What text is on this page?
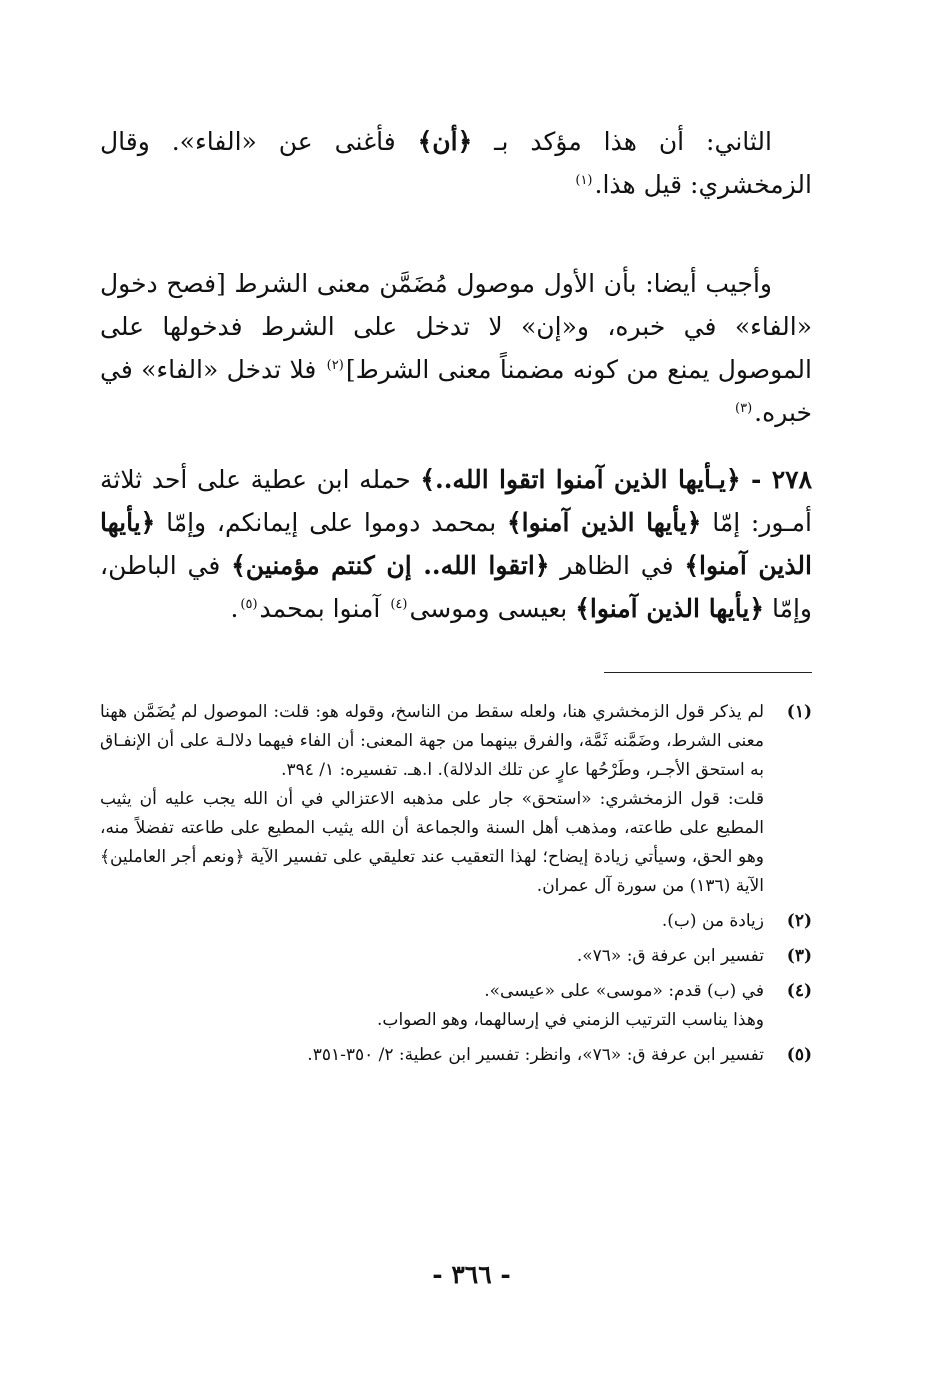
الثاني: أن هذا مؤكد بـ ﴿أن﴾ فأغنى عن «الفاء». وقال الزمخشري: قيل هذا.$^{(١)}$

وأجيب أيضا: بأن الأول موصول مُضَمَّن معنى الشرط [فصح دخول «الفاء» في خبره، و«إن» لا تدخل على الشرط فدخولها على الموصول يمنع من كونه مضمناً معنى الشرط]$^{(٢)}$ فلا تدخل «الفاء» في خبره.$^{(٣)}$

٢٧٨ - ﴿يـأيها الذين آمنوا اتقوا الله..﴾ حمله ابن عطية على أحد ثلاثة أمـور: إمّا ﴿يأيها الذين آمنوا﴾ بمحمد دوموا على إيمانكم، وإمّا ﴿يأيها الذين آمنوا﴾ في الظاهر ﴿اتقوا الله.. إن كنتم مؤمنين﴾ في الباطن، وإمّا ﴿يأيها الذين آمنوا﴾ بعيسى وموسى$^{(٤)}$ آمنوا بمحمد$^{(٥)}$.

(١)

لم يذكر قول الزمخشري هنا، ولعله سقط من الناسخ، وقوله هو: قلت: الموصول لم يُضَمَّن ههنا معنى الشرط، وضَمَّنه ثَمَّة، والفرق بينهما من جهة المعنى: أن الفاء فيهما دلالـة على أن الإنفـاق به استحق الأجـر، وطَرْحُها عارٍ عن تلك الدلالة). ا.هـ. تفسيره: ١/ ٣٩٤.

قلت: قول الزمخشري: «استحق» جار على مذهبه الاعتزالي في أن الله يجب عليه أن يثيب المطيع على طاعته، ومذهب أهل السنة والجماعة أن الله يثيب المطيع على طاعته تفضلاً منه، وهو الحق، وسيأتي زيادة إيضاح؛ لهذا التعقيب عند تعليقي على تفسير الآية ﴿ونعم أجر العاملين﴾ الآية (١٣٦) من سورة آل عمران.

(٢)

زيادة من (ب).

(٣)

تفسير ابن عرفة ق: «٧٦».

(٤)

في (ب) قدم: «موسى» على «عيسى».

وهذا يناسب الترتيب الزمني في إرسالهما، وهو الصواب.

(٥)

تفسير ابن عرفة ق: «٧٦»، وانظر: تفسير ابن عطية: ٢/ ٣٥٠-٣٥١.

- ٣٦٦ -
